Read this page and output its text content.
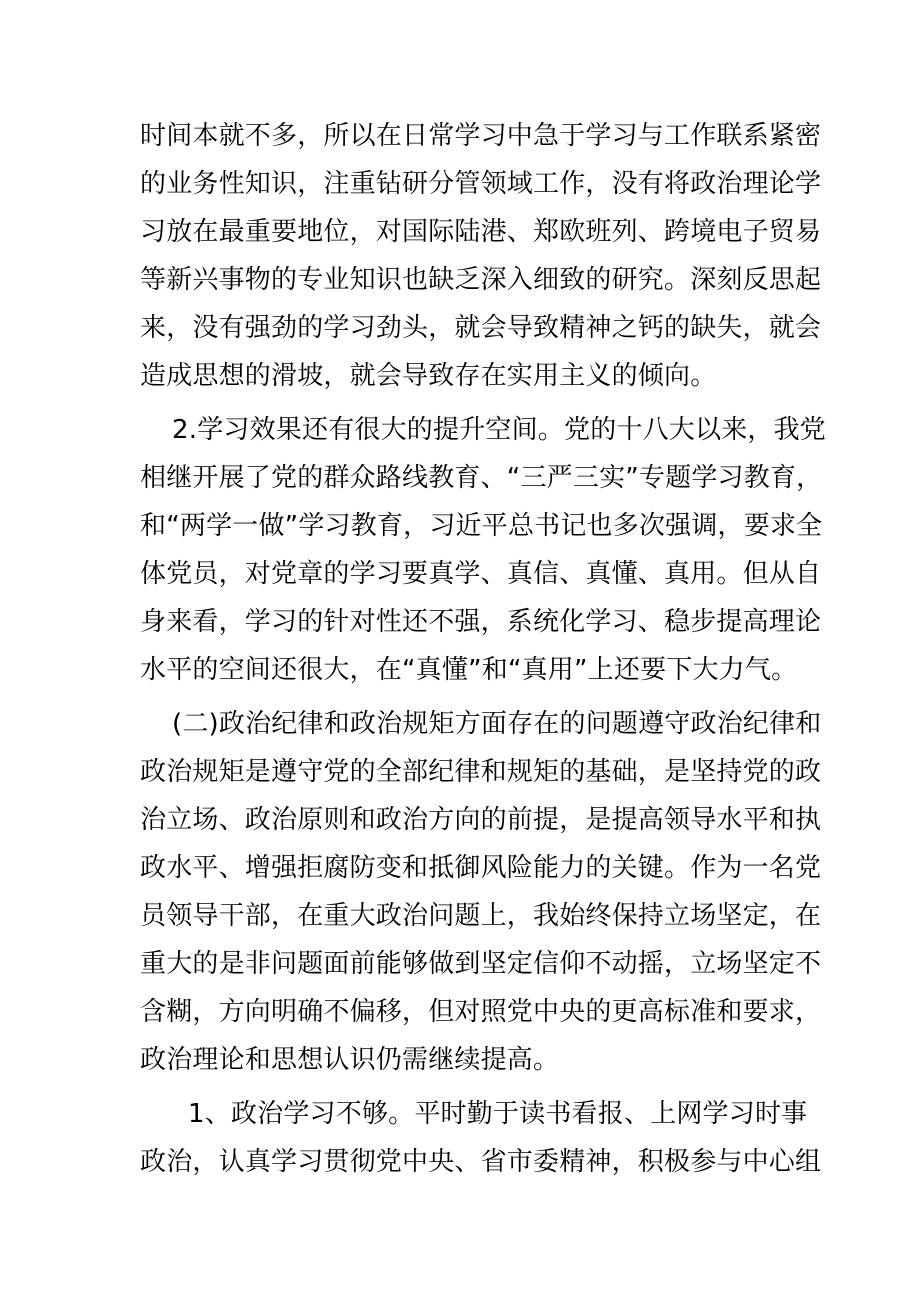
时间本就不多，所以在日常学习中急于学习与工作联系紧密
的业务性知识，注重钻研分管领域工作，没有将政治理论学
习放在最重要地位，对国际陆港、郑欧班列、跨境电子贸易
等新兴事物的专业知识也缺乏深入细致的研究。深刻反思起
来，没有强劲的学习劲头，就会导致精神之钙的缺失，就会
造成思想的滑坡，就会导致存在实用主义的倾向。
2.学习效果还有很大的提升空间。党的十八大以来，我党
相继开展了党的群众路线教育、“三严三实”专题学习教育，
和“两学一做”学习教育，习近平总书记也多次强调，要求全
体党员，对党章的学习要真学、真信、真懂、真用。但从自
身来看，学习的针对性还不强，系统化学习、稳步提高理论
水平的空间还很大，在“真懂”和“真用”上还要下大力气。
(二)政治纪律和政治规矩方面存在的问题遵守政治纪律和
政治规矩是遵守党的全部纪律和规矩的基础，是坚持党的政
治立场、政治原则和政治方向的前提，是提高领导水平和执
政水平、增强拒腐防变和抵御风险能力的关键。作为一名党
员领导干部，在重大政治问题上，我始终保持立场坚定，在
重大的是非问题面前能够做到坚定信仰不动摇，立场坚定不
含糊，方向明确不偏移，但对照党中央的更高标准和要求，
政治理论和思想认识仍需继续提高。
1、政治学习不够。平时勤于读书看报、上网学习时事
政治，认真学习贯彻党中央、省市委精神，积极参与中心组
